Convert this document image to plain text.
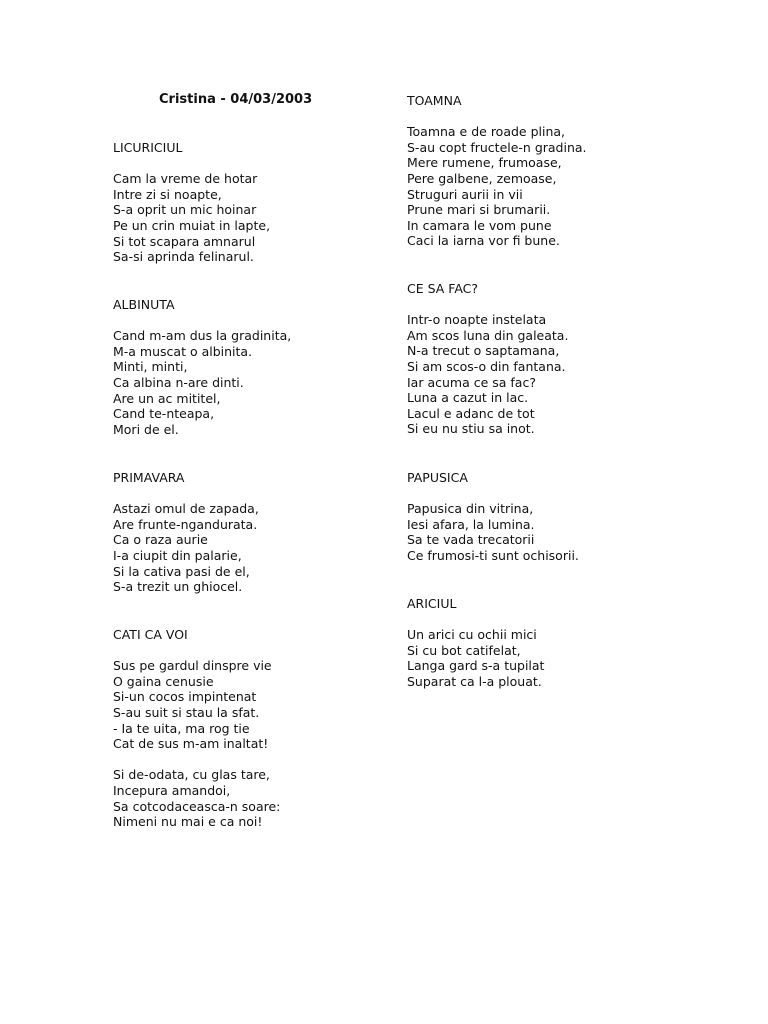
Cristina - 04/03/2003
LICURICIUL
Cam la vreme de hotar
Intre zi si noapte,
S-a oprit un mic hoinar
Pe un crin muiat in lapte,
Si tot scapara amnarul
Sa-si aprinda felinarul.
ALBINUTA
Cand m-am dus la gradinita,
M-a muscat o albinita.
Minti, minti,
Ca albina n-are dinti.
Are un ac mititel,
Cand te-nteapa,
Mori de el.
PRIMAVARA
Astazi omul de zapada,
Are frunte-ngandurata.
Ca o raza aurie
I-a ciupit din palarie,
Si la cativa pasi de el,
S-a trezit un ghiocel.
CATI CA VOI
Sus pe gardul dinspre vie
O gaina cenusie
Si-un cocos impintenat
S-au suit si stau la sfat.
- Ia te uita, ma rog tie
Cat de sus m-am inaltat!
Si de-odata, cu glas tare,
Incepura amandoi,
Sa cotcodaceasca-n soare:
Nimeni nu mai e ca noi!
TOAMNA
Toamna e de roade plina,
S-au copt fructele-n gradina.
Mere rumene, frumoase,
Pere galbene, zemoase,
Struguri aurii in vii
Prune mari si brumarii.
In camara le vom pune
Caci la iarna vor fi bune.
CE SA FAC?
Intr-o noapte instelata
Am scos luna din galeata.
N-a trecut o saptamana,
Si am scos-o din fantana.
Iar acuma ce sa fac?
Luna a cazut in lac.
Lacul e adanc de tot
Si eu nu stiu sa inot.
PAPUSICA
Papusica din vitrina,
Iesi afara, la lumina.
Sa te vada trecatorii
Ce frumosi-ti sunt ochisorii.
ARICIUL
Un arici cu ochii mici
Si cu bot catifelat,
Langa gard s-a tupilat
Suparat ca l-a plouat.
